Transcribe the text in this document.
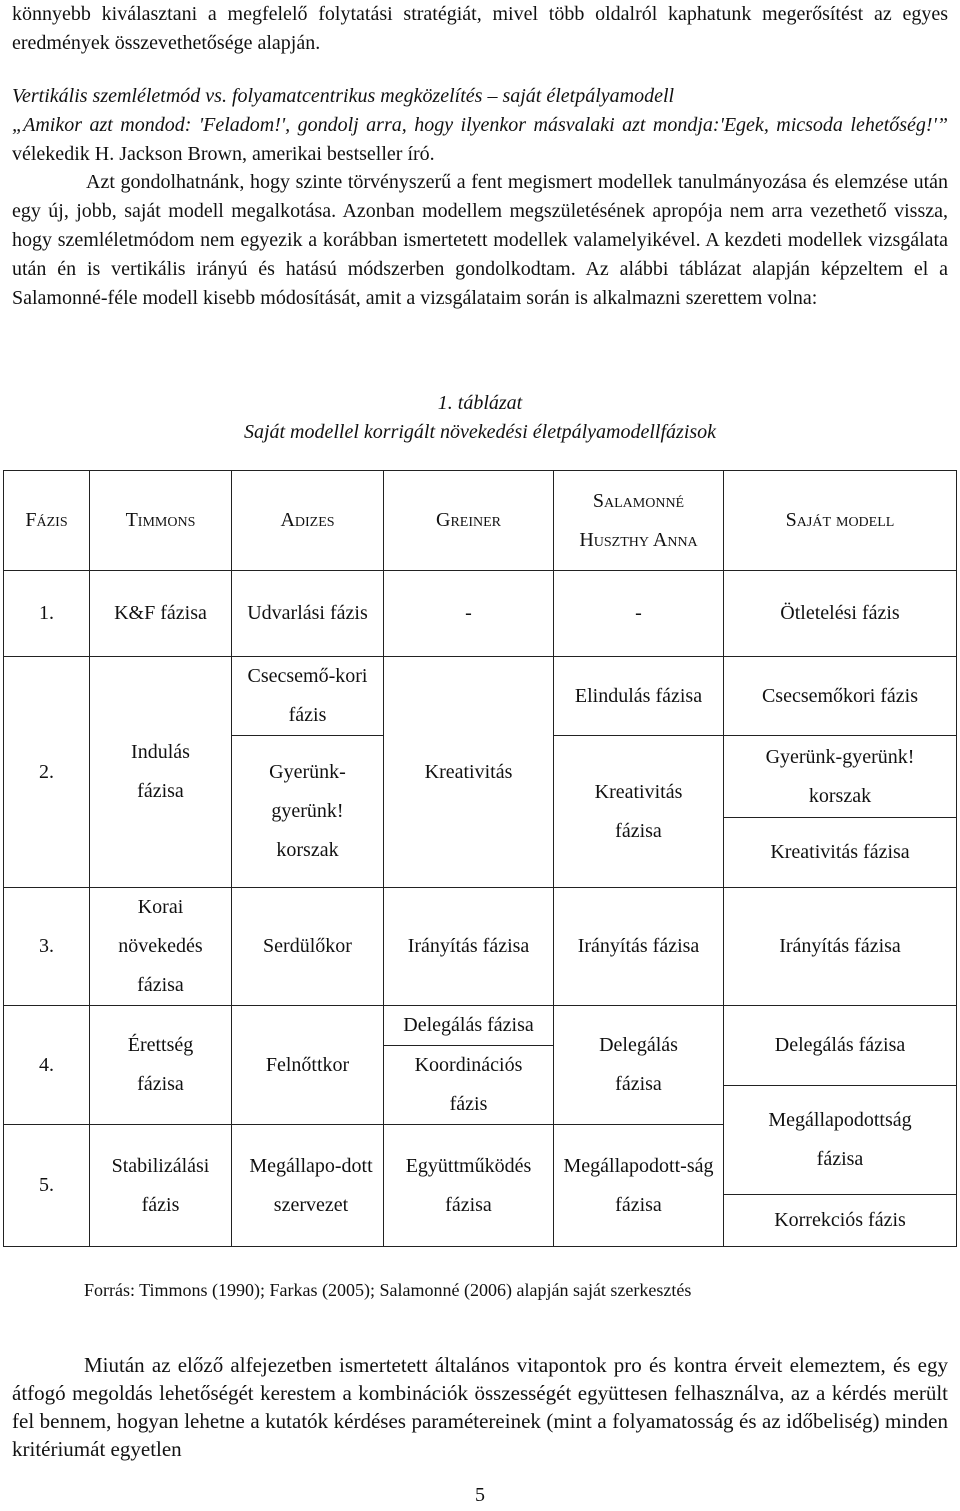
könnyebb kiválasztani a megfelelő folytatási stratégiát, mivel több oldalról kaphatunk megerősítést az egyes eredmények összevethetősége alapján.

Vertikális szemléletmód vs. folyamatcentrikus megközelítés – saját életpályamodell
„Amikor azt mondod: 'Feladom!', gondolj arra, hogy ilyenkor másvalaki azt mondja:'Egek, micsoda lehetőség!'” vélekedik H. Jackson Brown, amerikai bestseller író.

Azt gondolhatnánk, hogy szinte törvényszerű a fent megismert modellek tanulmányozása és elemzése után egy új, jobb, saját modell megalkotása. Azonban modellem megszületésének apropója nem arra vezethető vissza, hogy szemléletmódom nem egyezik a korábban ismertetett modellek valamelyikével. A kezdeti modellek vizsgálata után én is vertikális irányú és hatású módszerben gondolkodtam. Az alábbi táblázat alapján képzeltem el a Salamonné-féle modell kisebb módosítását, amit a vizsgálataim során is alkalmazni szerettem volna:

1. táblázat
Saját modellel korrigált növekedési életpályamodellfázisok
Fázis	Timmons	Adizes	Greiner	Salamonné Huszthy Anna	Saját modell
1.	K&F fázisa	Udvarlási fázis	-	-	Ötletelési fázis
2.	Indulás fázisa	Csecsemő-kori fázis	Kreativitás	Elindulás fázisa	Csecsemőkori fázis

		Gyerünk-gyerünk! korszak		Kreativitás fázisa	Gyerünk-gyerünk! korszak

					Kreativitás fázisa
3.	Korai növekedés fázisa	Serdülőkor	Irányítás fázisa	Irányítás fázisa	Irányítás fázisa
4.	Érettség fázisa	Felnőttkor	Delegálás fázisa	Delegálás fázisa	Delegálás fázisa

			Koordinációs fázis		

					Megállapodottság fázisa

5.	Stabilizálási fázis	Megállapo-dott szervezet	Együttműködés fázisa	Megállapodott-ság fázisa	

					Korrekciós fázis
Forrás: Timmons (1990); Farkas (2005); Salamonné (2006) alapján saját szerkesztés

Miután az előző alfejezetben ismertetett általános vitapontok pro és kontra érveit elemeztem, és egy átfogó megoldás lehetőségét kerestem a kombinációk összességét együttesen felhasználva, az a kérdés merült fel bennem, hogyan lehetne a kutatók kérdéses paramétereinek (mint a folyamatosság és az időbeliség) minden kritériumát egyetlen

5
